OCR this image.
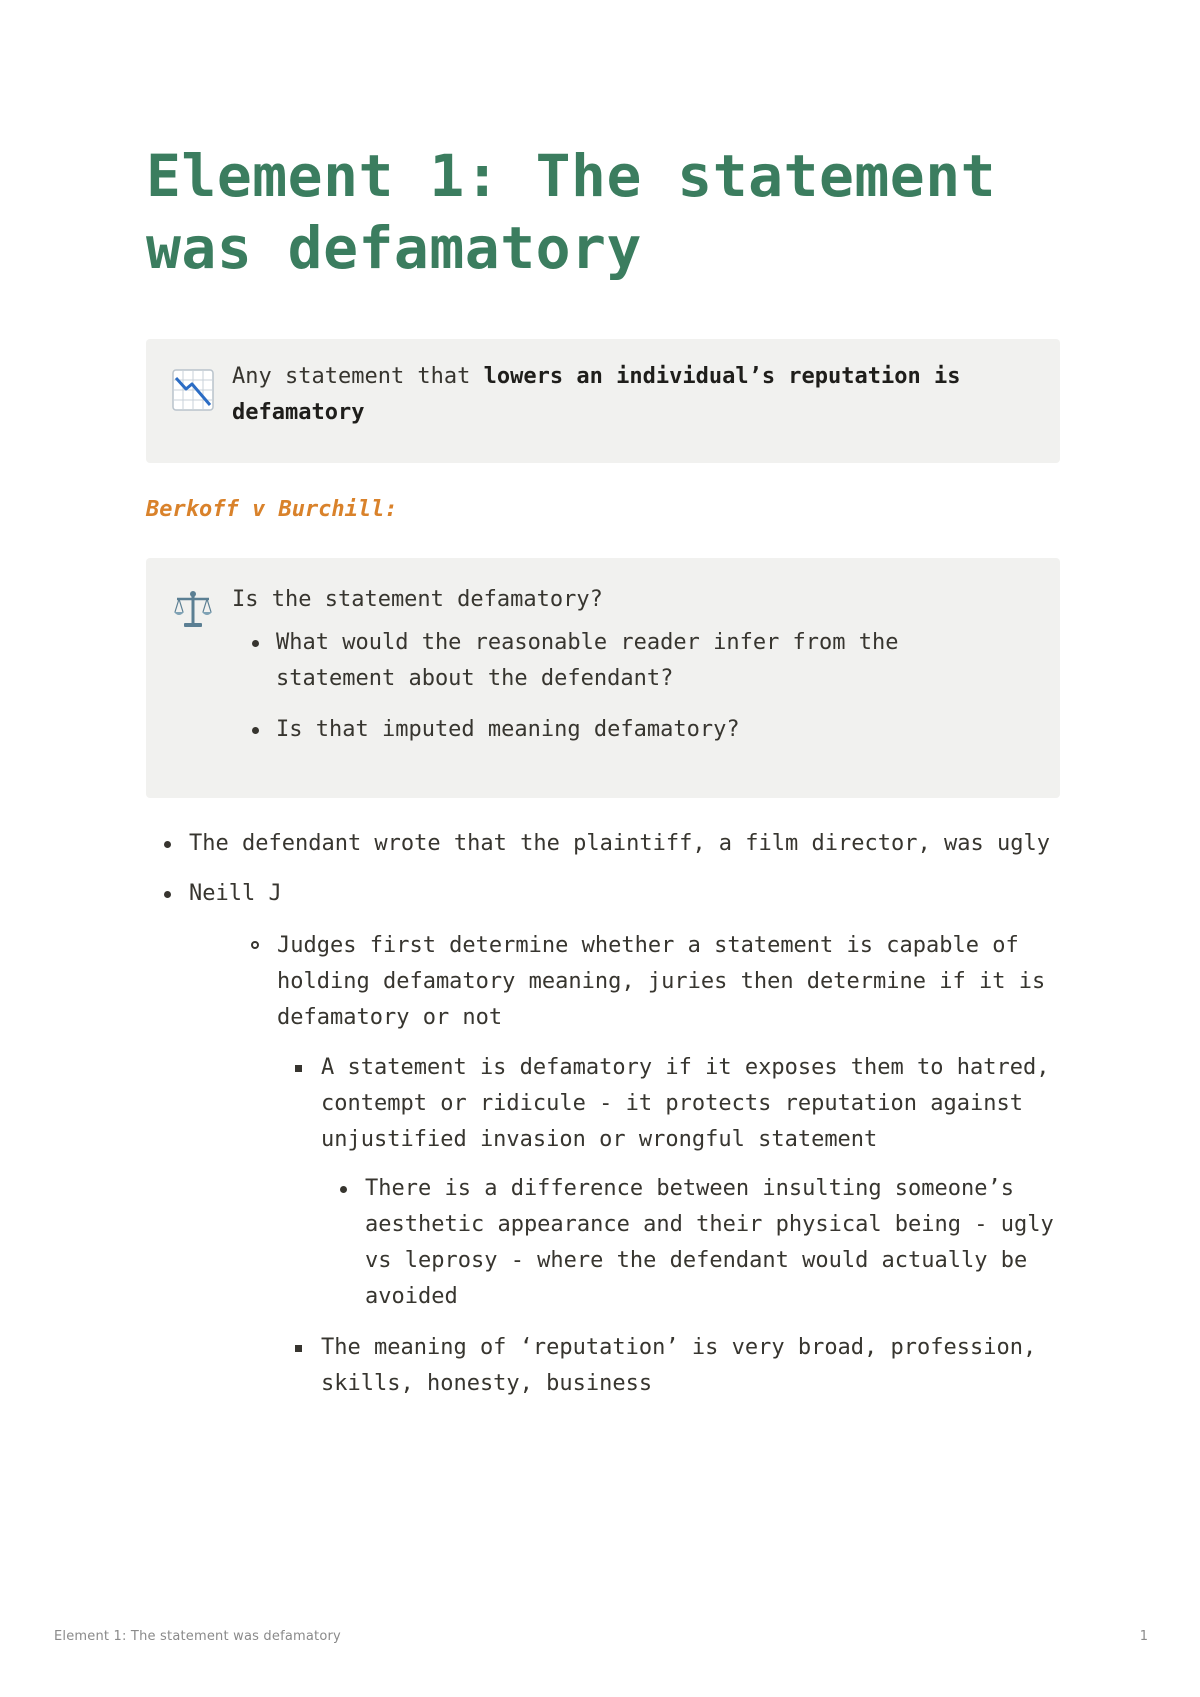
Element 1: The statement was defamatory
Any statement that lowers an individual’s reputation is defamatory
Berkoff v Burchill:
Is the statement defamatory?
What would the reasonable reader infer from the statement about the defendant?
Is that imputed meaning defamatory?
The defendant wrote that the plaintiff, a film director, was ugly
Neill J
Judges first determine whether a statement is capable of holding defamatory meaning, juries then determine if it is defamatory or not
A statement is defamatory if it exposes them to hatred, contempt or ridicule - it protects reputation against unjustified invasion or wrongful statement
There is a difference between insulting someone’s aesthetic appearance and their physical being - ugly vs leprosy - where the defendant would actually be avoided
The meaning of ‘reputation’ is very broad, profession, skills, honesty, business
Element 1: The statement was defamatory	1
